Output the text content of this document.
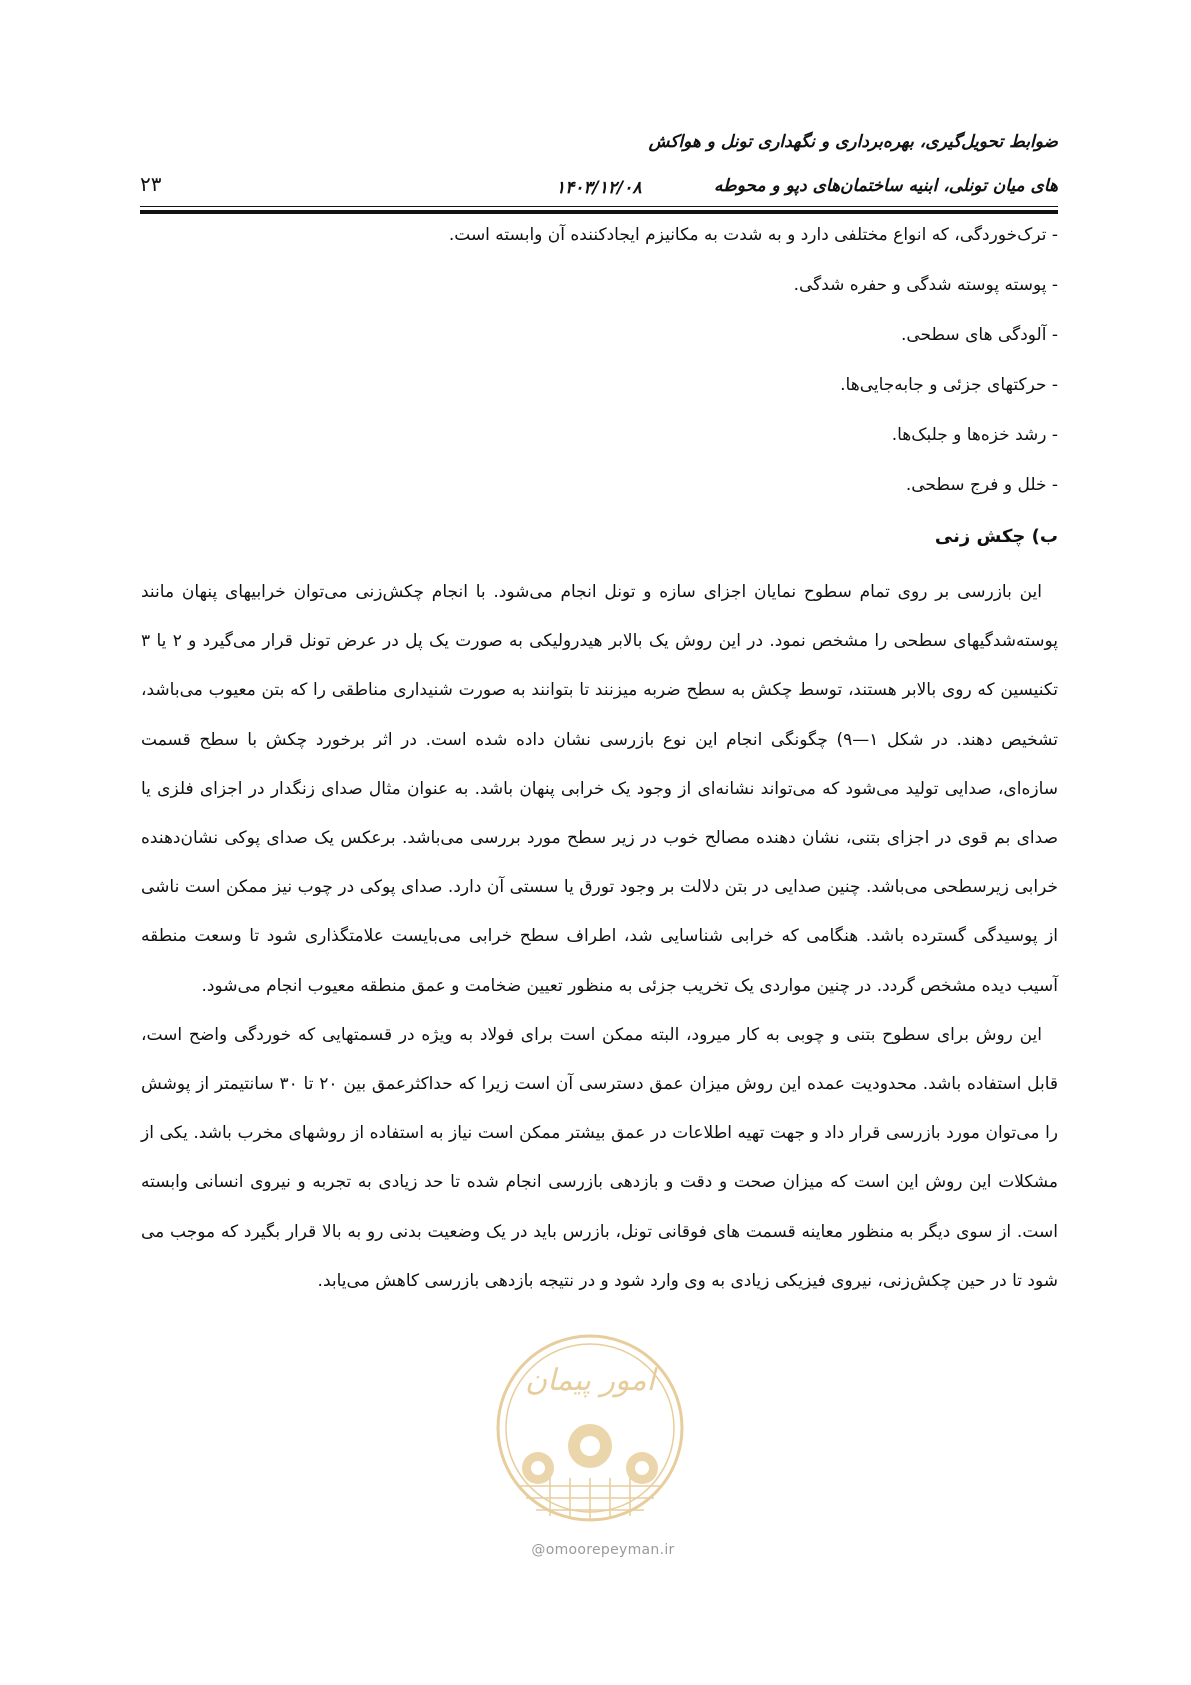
ضوابط تحویل‌گیری، بهره‌برداری و نگهداری تونل و هواکش
های میان تونلی، ابنیه ساختمان‌های دپو و محوطه
۱۴۰۳/۱۲/۰۸
۲۳

- ترک‌خوردگی، که انواع مختلفی دارد و به شدت به مکانیزم ایجادکننده آن وابسته است.

- پوسته پوسته شدگی و حفره شدگی.

- آلودگی های سطحی.

- حرکتهای جزئی و جابه‌جایی‌ها.

- رشد خزه‌ها و جلبک‌ها.

- خلل و فرج سطحی.

ب) چکش زنی

این بازرسی بر روی تمام سطوح نمایان اجزای سازه و تونل انجام می‌شود. با انجام چکش‌زنی می‌توان خرابیهای پنهان مانند پوسته‌شدگیهای سطحی را مشخص نمود. در این روش یک بالابر هیدرولیکی به صورت یک پل در عرض تونل قرار می‌گیرد و ۲ یا ۳ تکنیسین که روی بالابر هستند، توسط چکش به سطح ضربه میزنند تا بتوانند به صورت شنیداری مناطقی را که بتن معیوب می‌باشد، تشخیص دهند. در شکل ۱—۹) چگونگی انجام این نوع بازرسی نشان داده شده است. در اثر برخورد چکش با سطح قسمت سازه‌ای، صدایی تولید می‌شود که می‌تواند نشانه‌ای از وجود یک خرابی پنهان باشد. به عنوان مثال صدای زنگدار در اجزای فلزی یا صدای بم قوی در اجزای بتنی، نشان دهنده مصالح خوب در زیر سطح مورد بررسی می‌باشد. برعکس یک صدای پوکی نشان‌دهنده خرابی زیرسطحی می‌باشد. چنین صدایی در بتن دلالت بر وجود تورق یا سستی آن دارد. صدای پوکی در چوب نیز ممکن است ناشی از پوسیدگی گسترده باشد. هنگامی که خرابی شناسایی شد، اطراف سطح خرابی می‌بایست علامتگذاری شود تا وسعت منطقه آسیب دیده مشخص گردد. در چنین مواردی یک تخریب جزئی به منظور تعیین ضخامت و عمق منطقه معیوب انجام می‌شود.

این روش برای سطوح بتنی و چوبی به کار میرود، البته ممکن است برای فولاد به ویژه در قسمتهایی که خوردگی واضح است، قابل استفاده باشد. محدودیت عمده این روش میزان عمق دسترسی آن است زیرا که حداکثرعمق بین ۲۰ تا ۳۰ سانتیمتر از پوشش را می‌توان مورد بازرسی قرار داد و جهت تهیه اطلاعات در عمق بیشتر ممکن است نیاز به استفاده از روشهای مخرب باشد. یکی از مشکلات این روش این است که میزان صحت و دقت و بازدهی بازرسی انجام شده تا حد زیادی به تجربه و نیروی انسانی وابسته است. از سوی دیگر به منظور معاینه قسمت های فوقانی تونل، بازرس باید در یک وضعیت بدنی رو به بالا قرار بگیرد که موجب می شود تا در حین چکش‌زنی، نیروی فیزیکی زیادی به وی وارد شود و در نتیجه بازدهی بازرسی کاهش می‌یابد.

امور پیمان
@omoorepeyman.ir
